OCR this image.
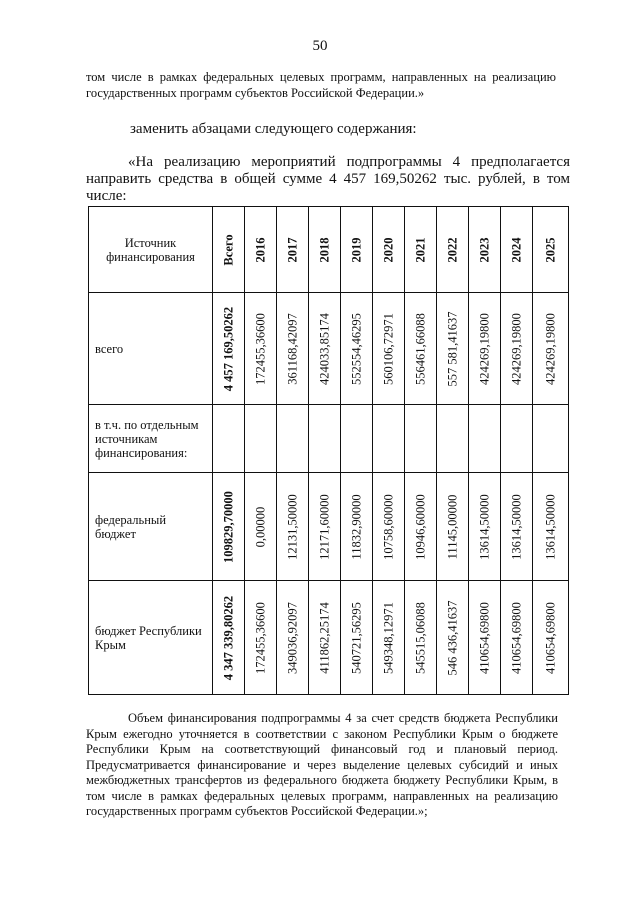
50

том числе в рамках федеральных целевых программ, направленных на реализацию государственных программ субъектов Российской Федерации.»

заменить абзацами следующего содержания:

«На реализацию мероприятий подпрограммы 4 предполагается направить средства в общей сумме 4 457 169,50262 тыс. рублей, в том числе:

Источник финансирования	Всего	2016	2017	2018	2019	2020	2021	2022	2023	2024	2025

всего	4 457 169,50262	172455,36600	361168,42097	424033,85174	552554,46295	560106,72971	556461,66088	557 581,41637	424269,19800	424269,19800	424269,19800

в т.ч. по отдельным источникам финансирования:	

федеральный бюджет	109829,70000	0,00000	12131,50000	12171,60000	11832,90000	10758,60000	10946,60000	11145,00000	13614,50000	13614,50000	13614,50000

бюджет Республики Крым	4 347 339,80262	172455,36600	349036,92097	411862,25174	540721,56295	549348,12971	545515,06088	546 436,41637	410654,69800	410654,69800	410654,69800

Объем финансирования подпрограммы 4 за счет средств бюджета Республики Крым ежегодно уточняется в соответствии с законом Республики Крым о бюджете Республики Крым на соответствующий финансовый год и плановый период. Предусматривается финансирование и через выделение целевых субсидий и иных межбюджетных трансфертов из федерального бюджета бюджету Республики Крым, в том числе в рамках федеральных целевых программ, направленных на реализацию государственных программ субъектов Российской Федерации.»;
